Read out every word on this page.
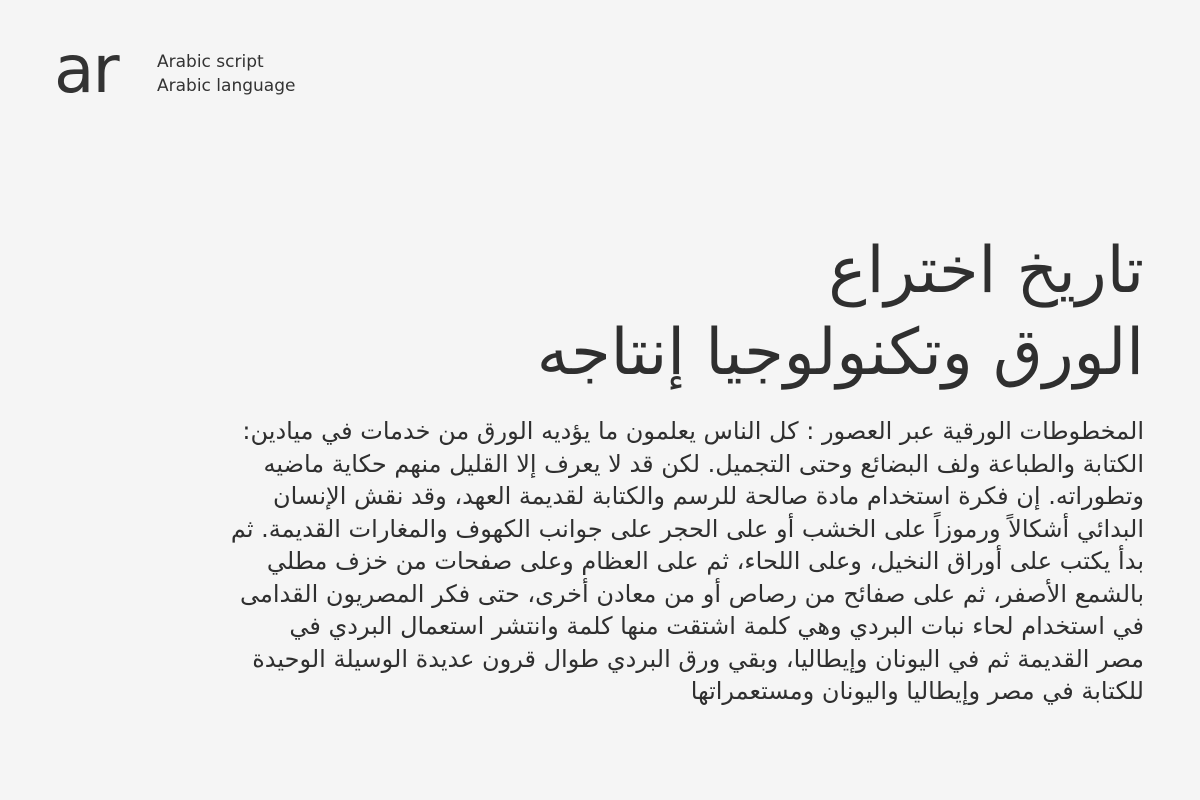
ar Arabic script
Arabic language
تاريخ اختراع
الورق وتكنولوجيا إنتاجه
المخطوطات الورقية عبر العصور : كل الناس يعلمون ما يؤديه الورق من خدمات في ميادين:
الكتابة والطباعة ولف البضائع وحتى التجميل. لكن قد لا يعرف إلا القليل منهم حكاية ماضيه
وتطوراته. إن فكرة استخدام مادة صالحة للرسم والكتابة لقديمة العهد، وقد نقش الإنسان
البدائي أشكالاً ورموزاً على الخشب أو على الحجر على جوانب الكهوف والمغارات القديمة. ثم
بدأ يكتب على أوراق النخيل، وعلى اللحاء، ثم على العظام وعلى صفحات من خزف مطلي
بالشمع الأصفر، ثم على صفائح من رصاص أو من معادن أخرى، حتى فكر المصريون القدامى
في استخدام لحاء نبات البردي وهي كلمة اشتقت منها كلمة وانتشر استعمال البردي في
مصر القديمة ثم في اليونان وإيطاليا، وبقي ورق البردي طوال قرون عديدة الوسيلة الوحيدة
للكتابة في مصر وإيطاليا واليونان ومستعمراتها
